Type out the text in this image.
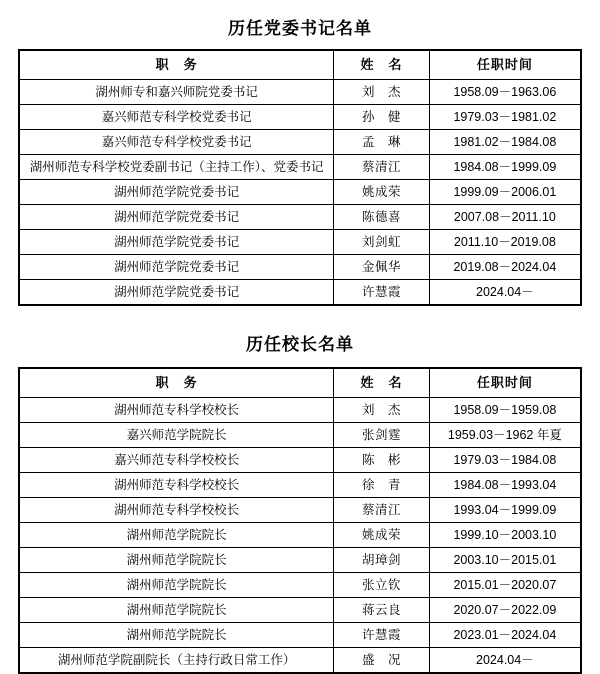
历任党委书记名单
职　务	姓　名	任职时间
湖州师专和嘉兴师院党委书记	刘　杰	1958.09－1963.06
嘉兴师范专科学校党委书记	孙　健	1979.03－1981.02
嘉兴师范专科学校党委书记	孟　琳	1981.02－1984.08
湖州师范专科学校党委副书记（主持工作）、党委书记	蔡清江	1984.08－1999.09
湖州师范学院党委书记	姚成荣	1999.09－2006.01
湖州师范学院党委书记	陈德喜	2007.08－2011.10
湖州师范学院党委书记	刘剑虹	2011.10－2019.08
湖州师范学院党委书记	金佩华	2019.08－2024.04
湖州师范学院党委书记	许慧霞	2024.04－
历任校长名单
职　务	姓　名	任职时间
湖州师范专科学校校长	刘　杰	1958.09－1959.08
嘉兴师范学院院长	张剑霆	1959.03－1962 年夏
嘉兴师范专科学校校长	陈　彬	1979.03－1984.08
湖州师范专科学校校长	徐　青	1984.08－1993.04
湖州师范专科学校校长	蔡清江	1993.04－1999.09
湖州师范学院院长	姚成荣	1999.10－2003.10
湖州师范学院院长	胡璋剑	2003.10－2015.01
湖州师范学院院长	张立钦	2015.01－2020.07
湖州师范学院院长	蒋云良	2020.07－2022.09
湖州师范学院院长	许慧霞	2023.01－2024.04
湖州师范学院副院长（主持行政日常工作）	盛　况	2024.04－
